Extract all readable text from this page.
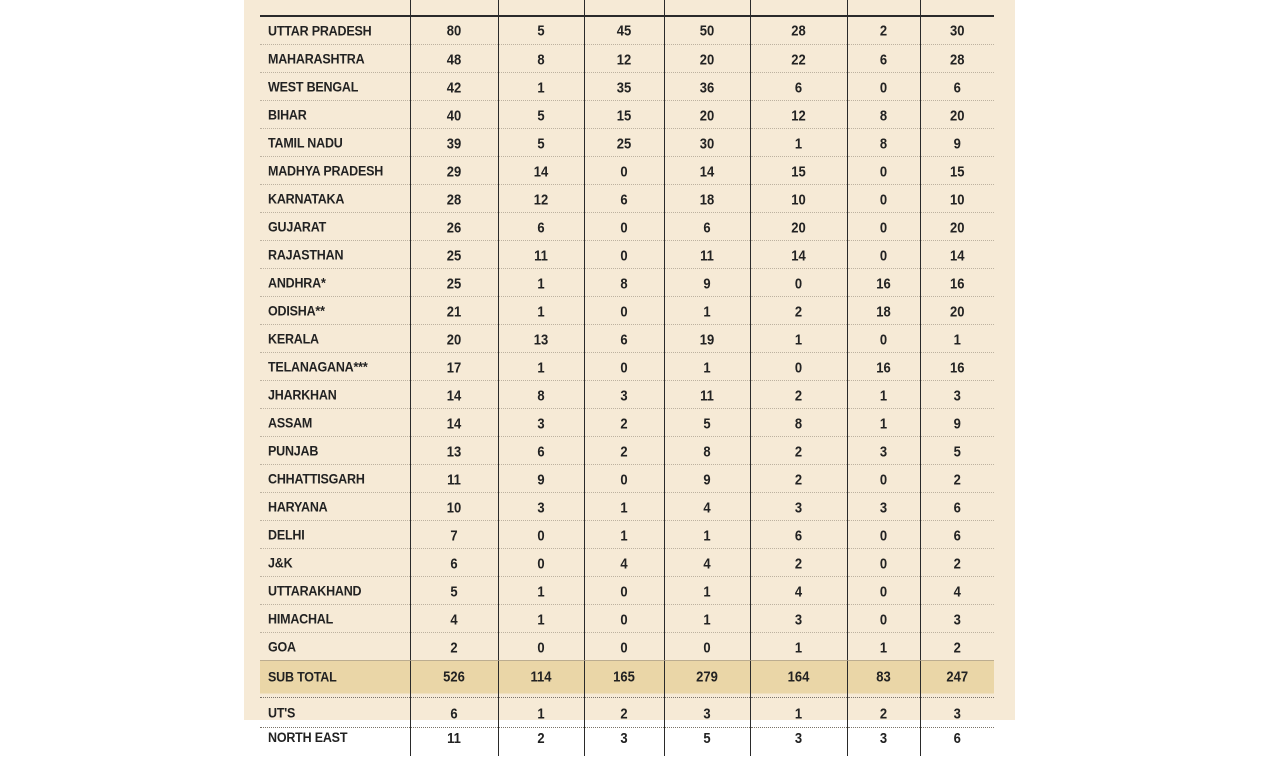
UTTAR PRADESH	80	5	45	50	28	2	30
MAHARASHTRA	48	8	12	20	22	6	28
WEST BENGAL	42	1	35	36	6	0	6
BIHAR	40	5	15	20	12	8	20
TAMIL NADU	39	5	25	30	1	8	9
MADHYA PRADESH	29	14	0	14	15	0	15
KARNATAKA	28	12	6	18	10	0	10
GUJARAT	26	6	0	6	20	0	20
RAJASTHAN	25	11	0	11	14	0	14
ANDHRA*	25	1	8	9	0	16	16
ODISHA**	21	1	0	1	2	18	20
KERALA	20	13	6	19	1	0	1
TELANAGANA***	17	1	0	1	0	16	16
JHARKHAN	14	8	3	11	2	1	3
ASSAM	14	3	2	5	8	1	9
PUNJAB	13	6	2	8	2	3	5
CHHATTISGARH	11	9	0	9	2	0	2
HARYANA	10	3	1	4	3	3	6
DELHI	7	0	1	1	6	0	6
J&K	6	0	4	4	2	0	2
UTTARAKHAND	5	1	0	1	4	0	4
HIMACHAL	4	1	0	1	3	0	3
GOA	2	0	0	0	1	1	2
SUB TOTAL	526	114	165	279	164	83	247

UT'S	6	1	2	3	1	2	3
NORTH EAST	11	2	3	5	3	3	6
